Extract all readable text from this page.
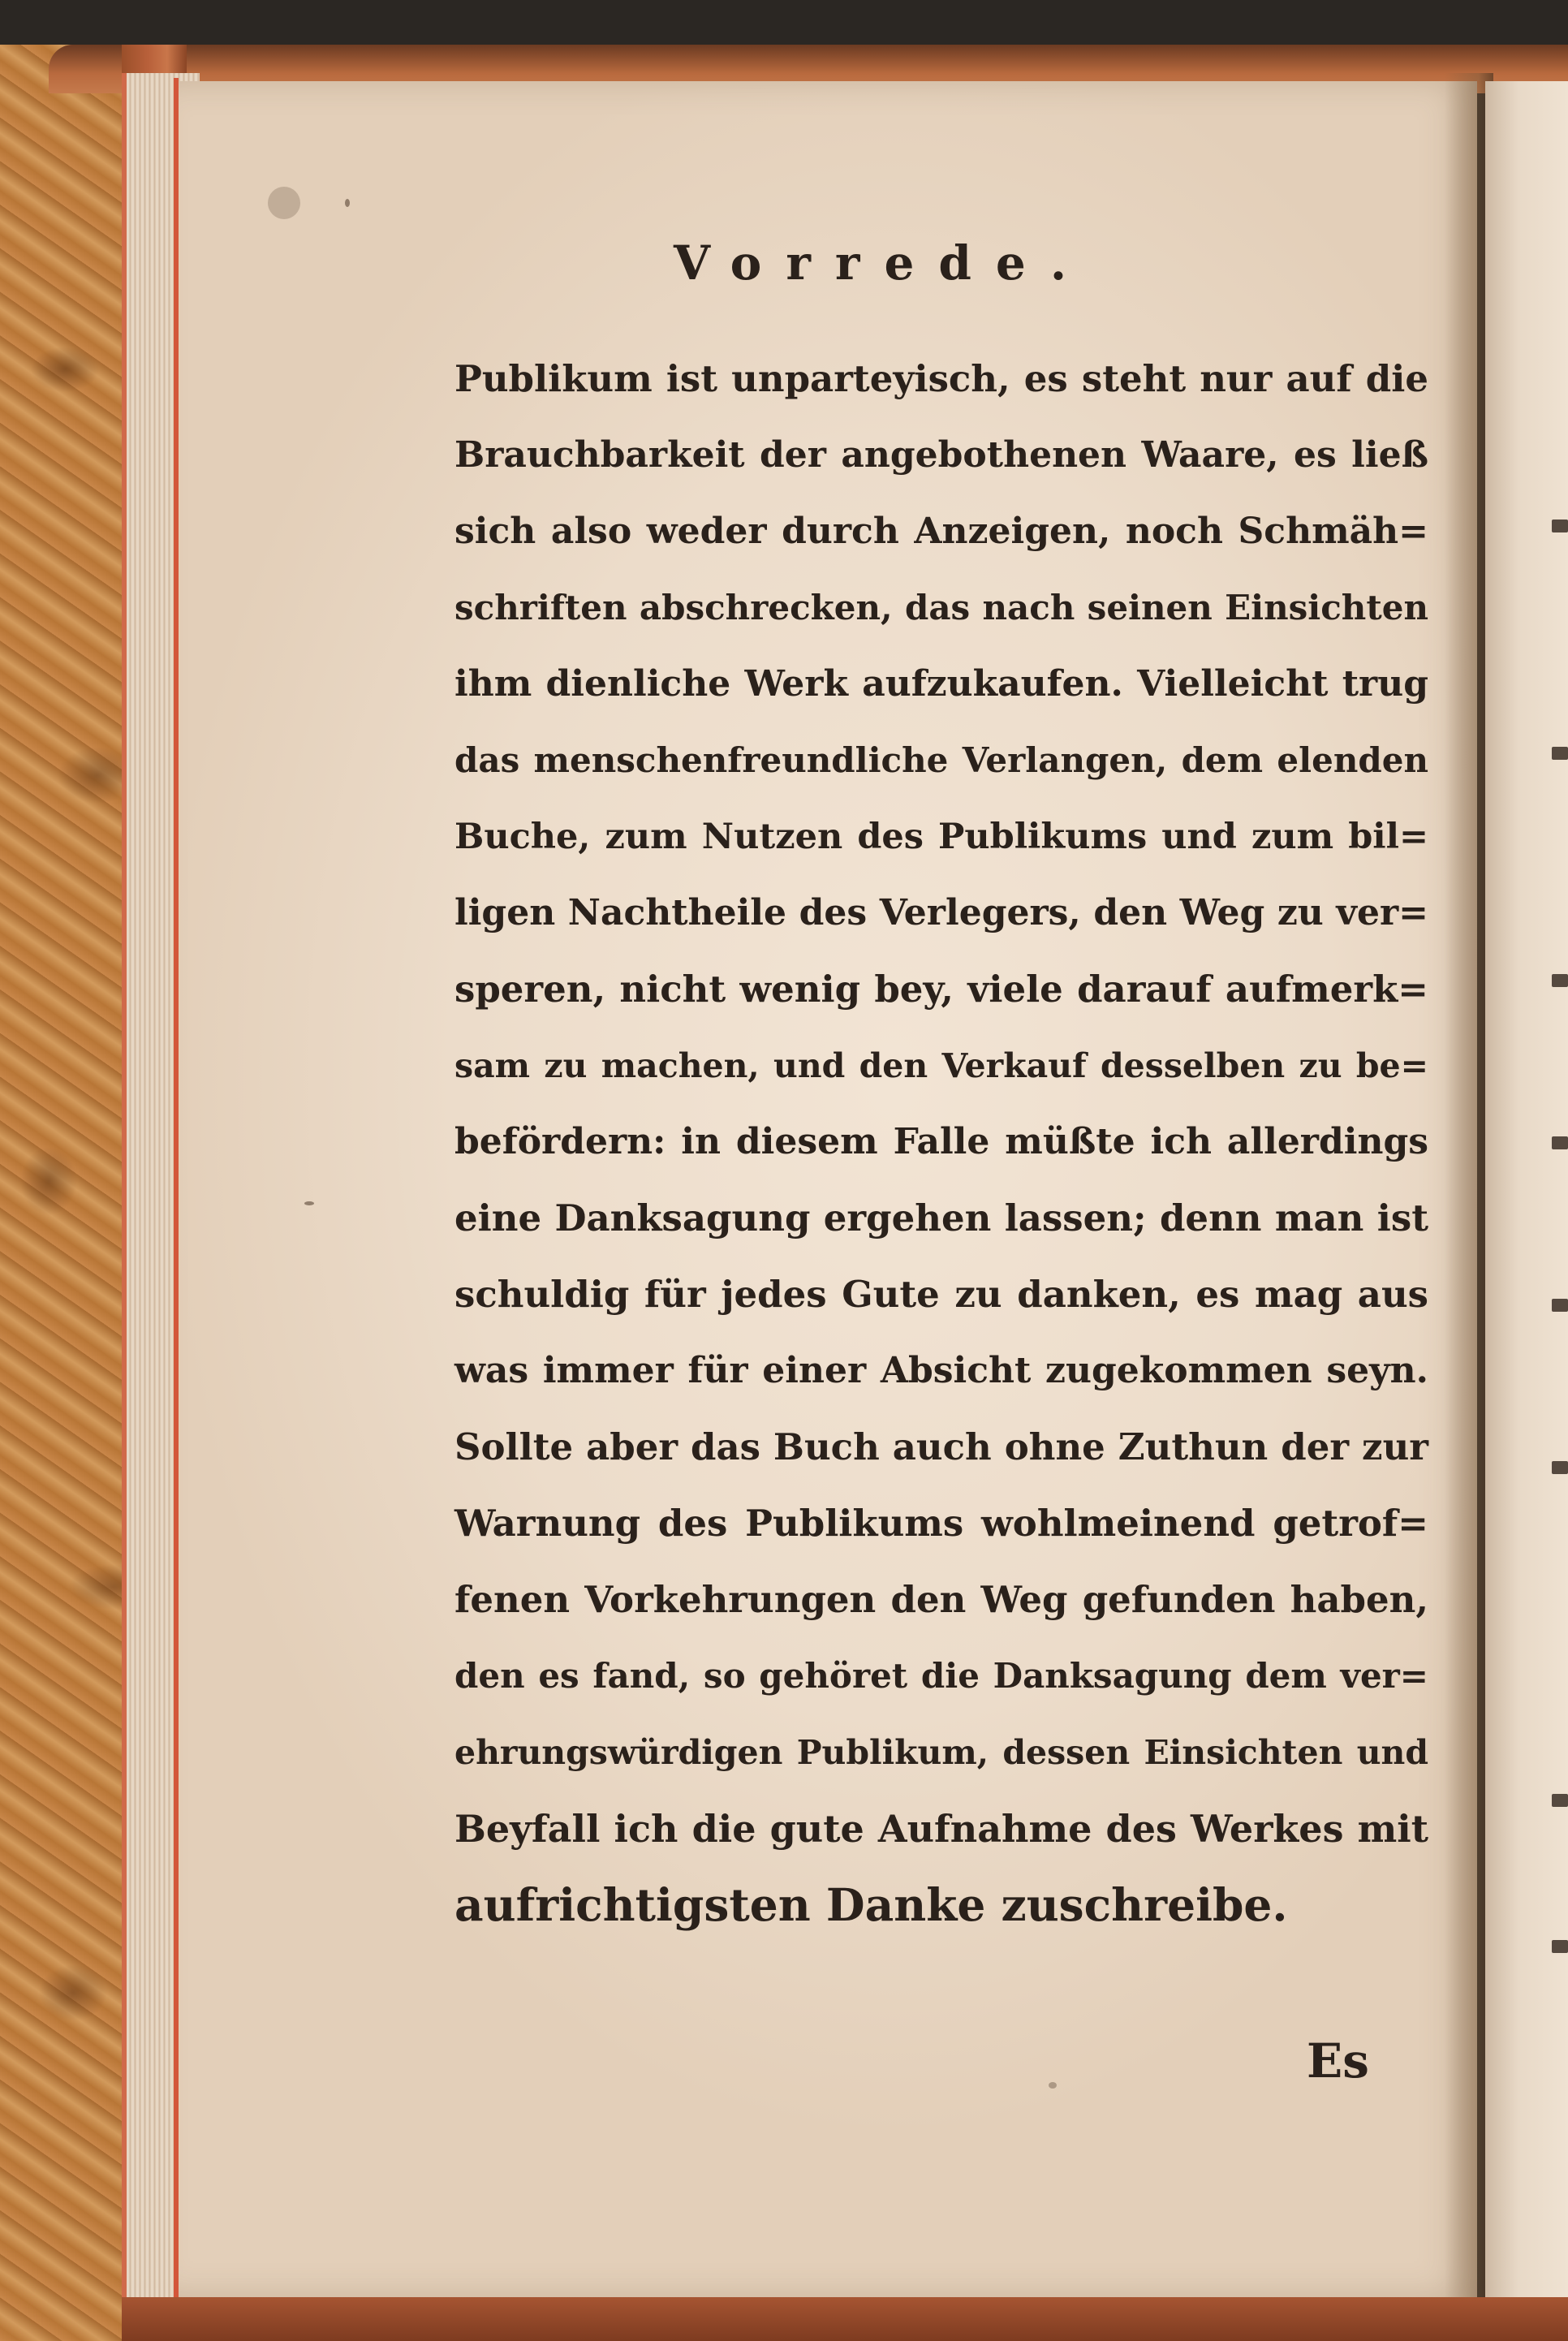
Vorrede.
Publikum ist unparteyisch, es steht nur auf die
Brauchbarkeit der angebothenen Waare, es ließ
sich also weder durch Anzeigen, noch Schmäh=
schriften abschrecken, das nach seinen Einsichten
ihm dienliche Werk aufzukaufen. Vielleicht trug
das menschenfreundliche Verlangen, dem elenden
Buche, zum Nutzen des Publikums und zum bil=
ligen Nachtheile des Verlegers, den Weg zu ver=
speren, nicht wenig bey, viele darauf aufmerk=
sam zu machen, und den Verkauf desselben zu be=
befördern: in diesem Falle müßte ich allerdings
eine Danksagung ergehen lassen; denn man ist
schuldig für jedes Gute zu danken, es mag aus
was immer für einer Absicht zugekommen seyn.
Sollte aber das Buch auch ohne Zuthun der zur
Warnung des Publikums wohlmeinend getrof=
fenen Vorkehrungen den Weg gefunden haben,
den es fand, so gehöret die Danksagung dem ver=
ehrungswürdigen Publikum, dessen Einsichten und
Beyfall ich die gute Aufnahme des Werkes mit
aufrichtigsten Danke zuschreibe.
Es
